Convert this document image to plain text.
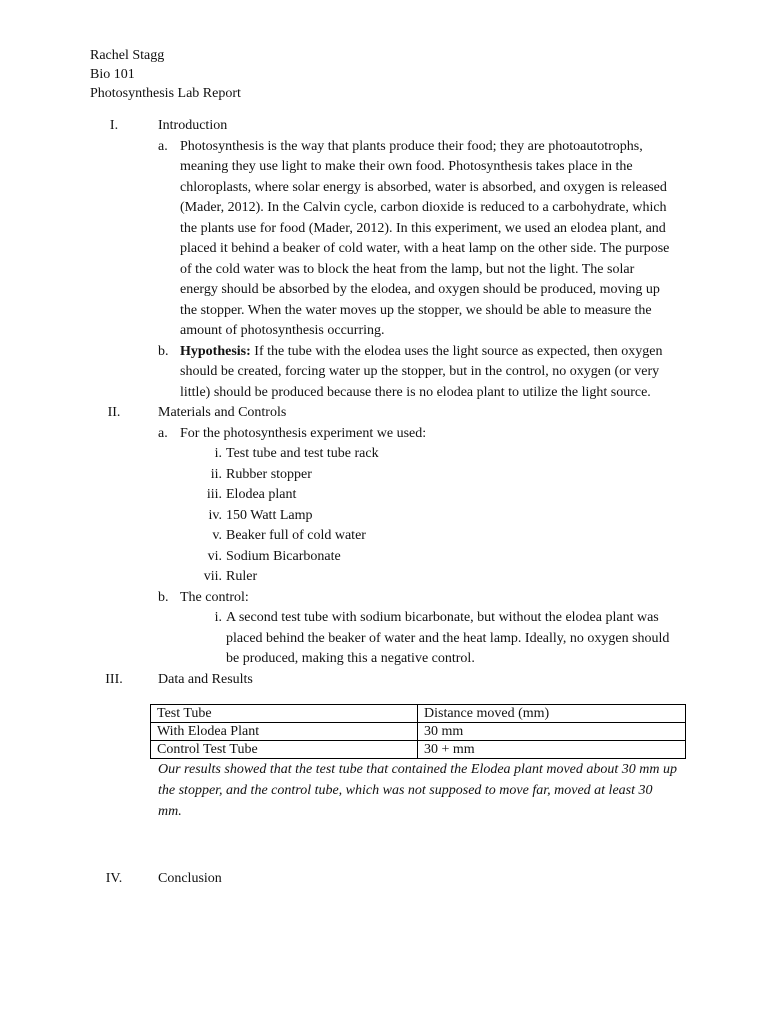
Rachel Stagg
Bio 101
Photosynthesis Lab Report
I.	Introduction
a. Photosynthesis is the way that plants produce their food; they are photoautotrophs, meaning they use light to make their own food. Photosynthesis takes place in the chloroplasts, where solar energy is absorbed, water is absorbed, and oxygen is released (Mader, 2012). In the Calvin cycle, carbon dioxide is reduced to a carbohydrate, which the plants use for food (Mader, 2012). In this experiment, we used an elodea plant, and placed it behind a beaker of cold water, with a heat lamp on the other side. The purpose of the cold water was to block the heat from the lamp, but not the light. The solar energy should be absorbed by the elodea, and oxygen should be produced, moving up the stopper. When the water moves up the stopper, we should be able to measure the amount of photosynthesis occurring.
b. Hypothesis: If the tube with the elodea uses the light source as expected, then oxygen should be created, forcing water up the stopper, but in the control, no oxygen (or very little) should be produced because there is no elodea plant to utilize the light source.
II.	Materials and Controls
a. For the photosynthesis experiment we used:
i. Test tube and test tube rack
ii. Rubber stopper
iii. Elodea plant
iv. 150 Watt Lamp
v. Beaker full of cold water
vi. Sodium Bicarbonate
vii. Ruler
b. The control:
i. A second test tube with sodium bicarbonate, but without the elodea plant was placed behind the beaker of water and the heat lamp. Ideally, no oxygen should be produced, making this a negative control.
III.	Data and Results
Test Tube	Distance moved (mm)
With Elodea Plant	30 mm
Control Test Tube	30 + mm
Our results showed that the test tube that contained the Elodea plant moved about 30 mm up the stopper, and the control tube, which was not supposed to move far, moved at least 30 mm.
IV.	Conclusion
